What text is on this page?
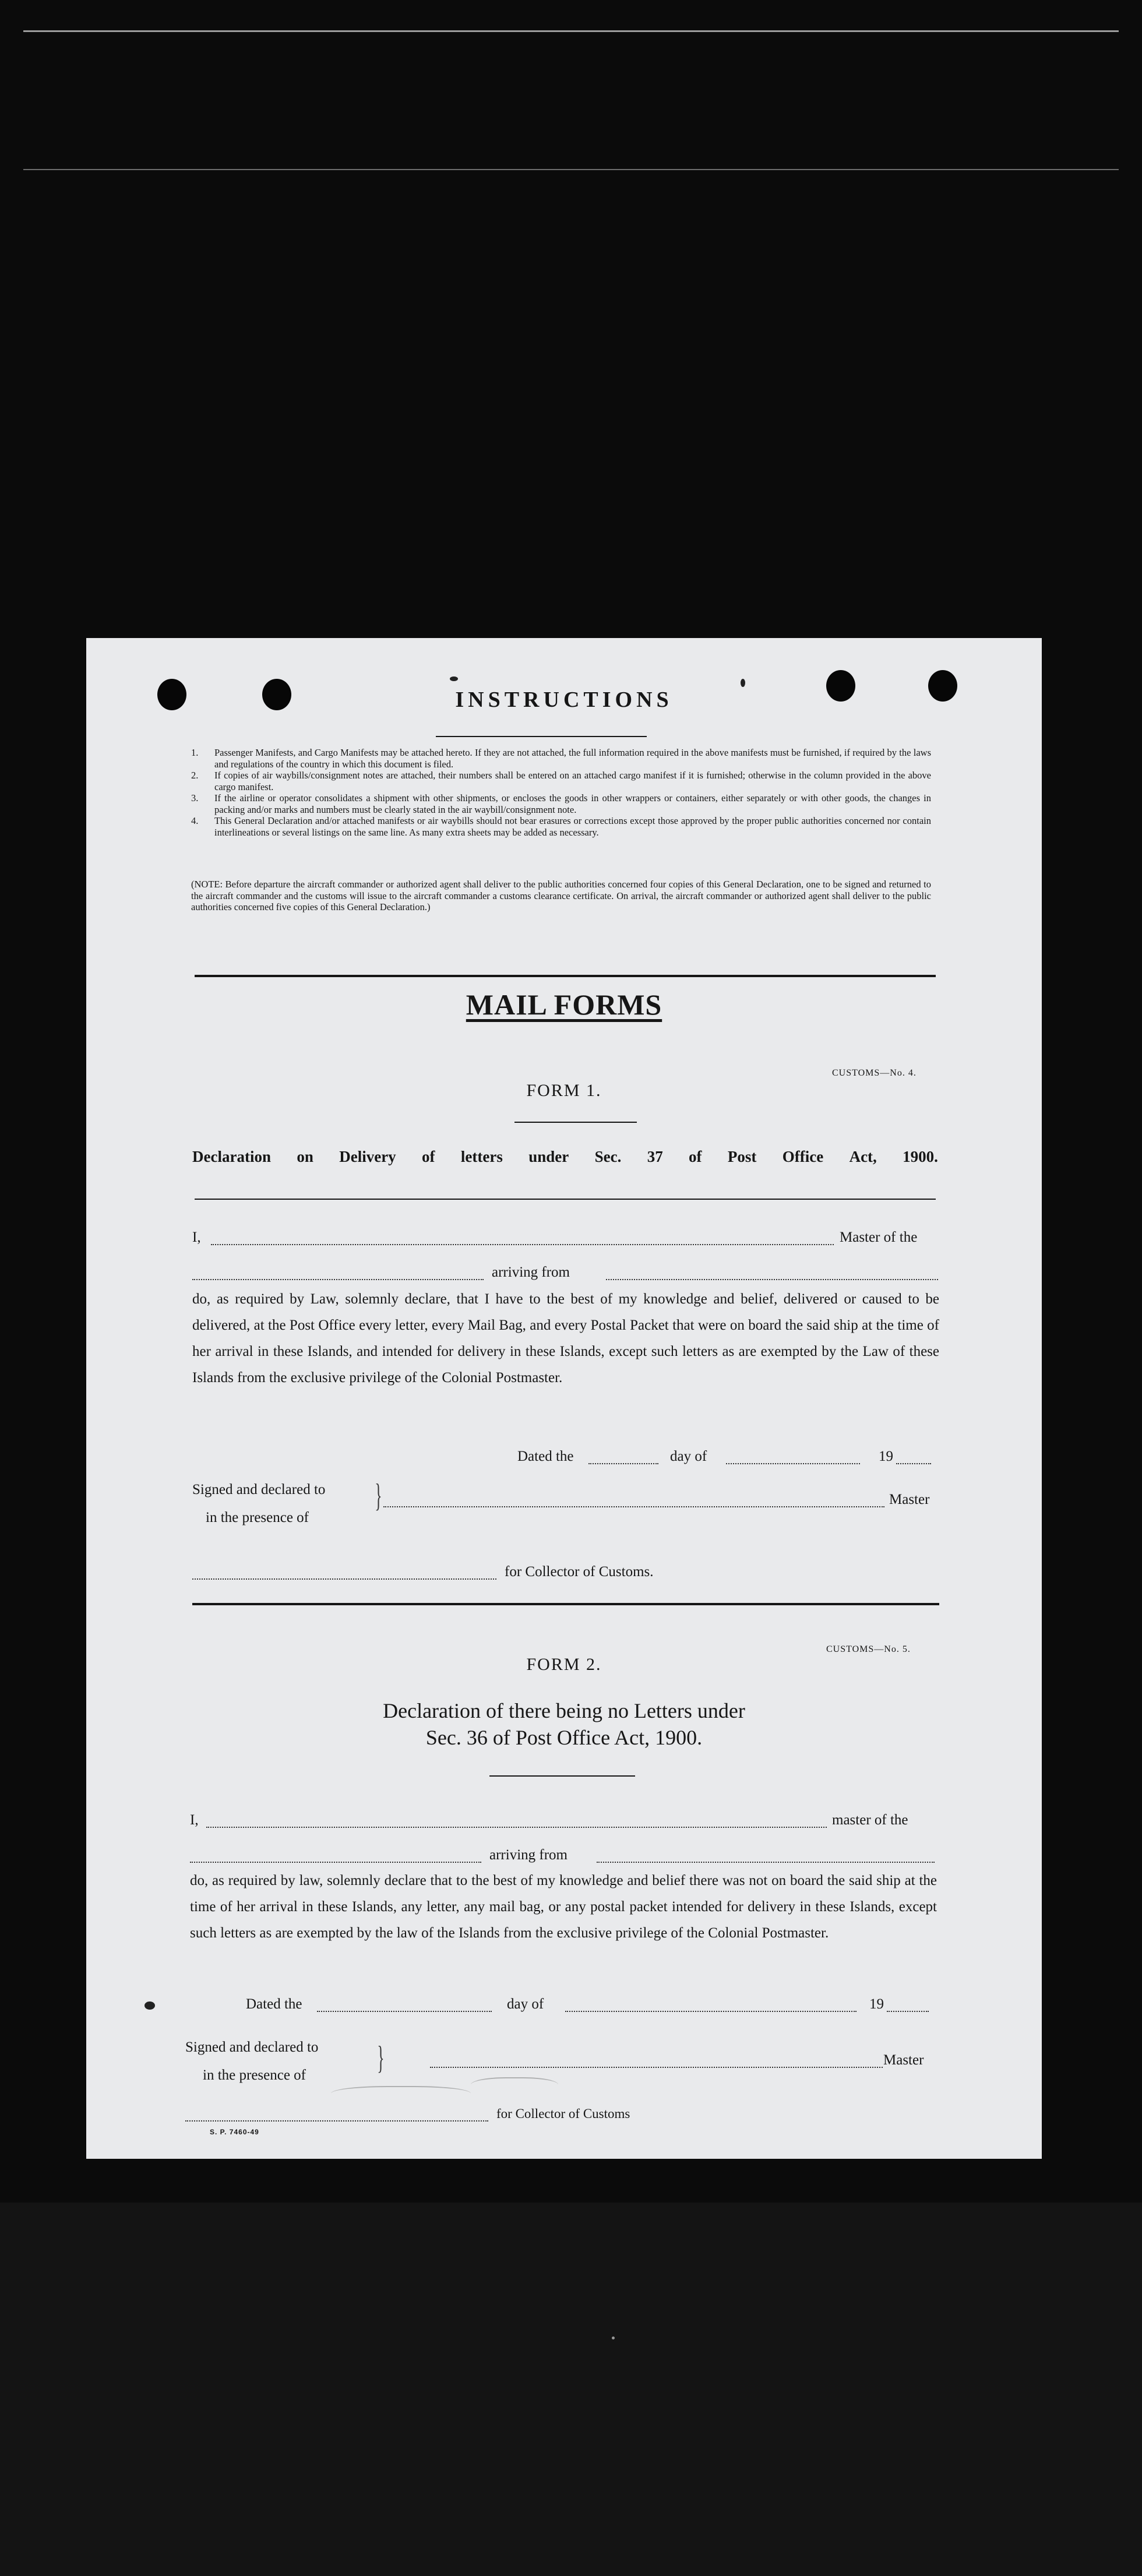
INSTRUCTIONS
1. Passenger Manifests, and Cargo Manifests may be attached hereto. If they are not attached, the full information required in the above manifests must be furnished, if required by the laws and regulations of the country in which this document is filed.
2. If copies of air waybills/consignment notes are attached, their numbers shall be entered on an attached cargo manifest if it is furnished; otherwise in the column provided in the above cargo manifest.
3. If the airline or operator consolidates a shipment with other shipments, or encloses the goods in other wrappers or containers, either separately or with other goods, the changes in packing and/or marks and numbers must be clearly stated in the air waybill/consignment note.
4. This General Declaration and/or attached manifests or air waybills should not bear erasures or corrections except those approved by the proper public authorities concerned nor contain interlineations or several listings on the same line. As many extra sheets may be added as necessary.

(NOTE: Before departure the aircraft commander or authorized agent shall deliver to the public authorities concerned four copies of this General Declaration, one to be signed and returned to the aircraft commander and the customs will issue to the aircraft commander a customs clearance certificate. On arrival, the aircraft commander or authorized agent shall deliver to the public authorities concerned five copies of this General Declaration.)

MAIL FORMS
CUSTOMS—No. 4.
FORM 1.
Declaration on Delivery of letters under Sec. 37 of Post Office Act, 1900.
I,	Master of the
arriving from

do, as required by Law, solemnly declare, that I have to the best of my knowledge and belief, delivered or caused to be delivered, at the Post Office every letter, every Mail Bag, and every Postal Packet that were on board the said ship at the time of her arrival in these Islands, and intended for delivery in these Islands, except such letters as are exempted by the Law of these Islands from the exclusive privilege of the Colonial Postmaster.

Dated the	day of	19
Signed and declared to
in the presence of
}	Master
for Collector of Customs.
CUSTOMS—No. 5.
FORM 2.
Declaration of there being no Letters under
Sec. 36 of Post Office Act, 1900.
I,	master of the
arriving from

do, as required by law, solemnly declare that to the best of my knowledge and belief there was not on board the said ship at the time of her arrival in these Islands, any letter, any mail bag, or any postal packet intended for delivery in these Islands, except such letters as are exempted by the law of the Islands from the exclusive privilege of the Colonial Postmaster.

Dated the	day of	19
Signed and declared to
in the presence of }	Master
for Collector of Customs
S. P. 7460-49
